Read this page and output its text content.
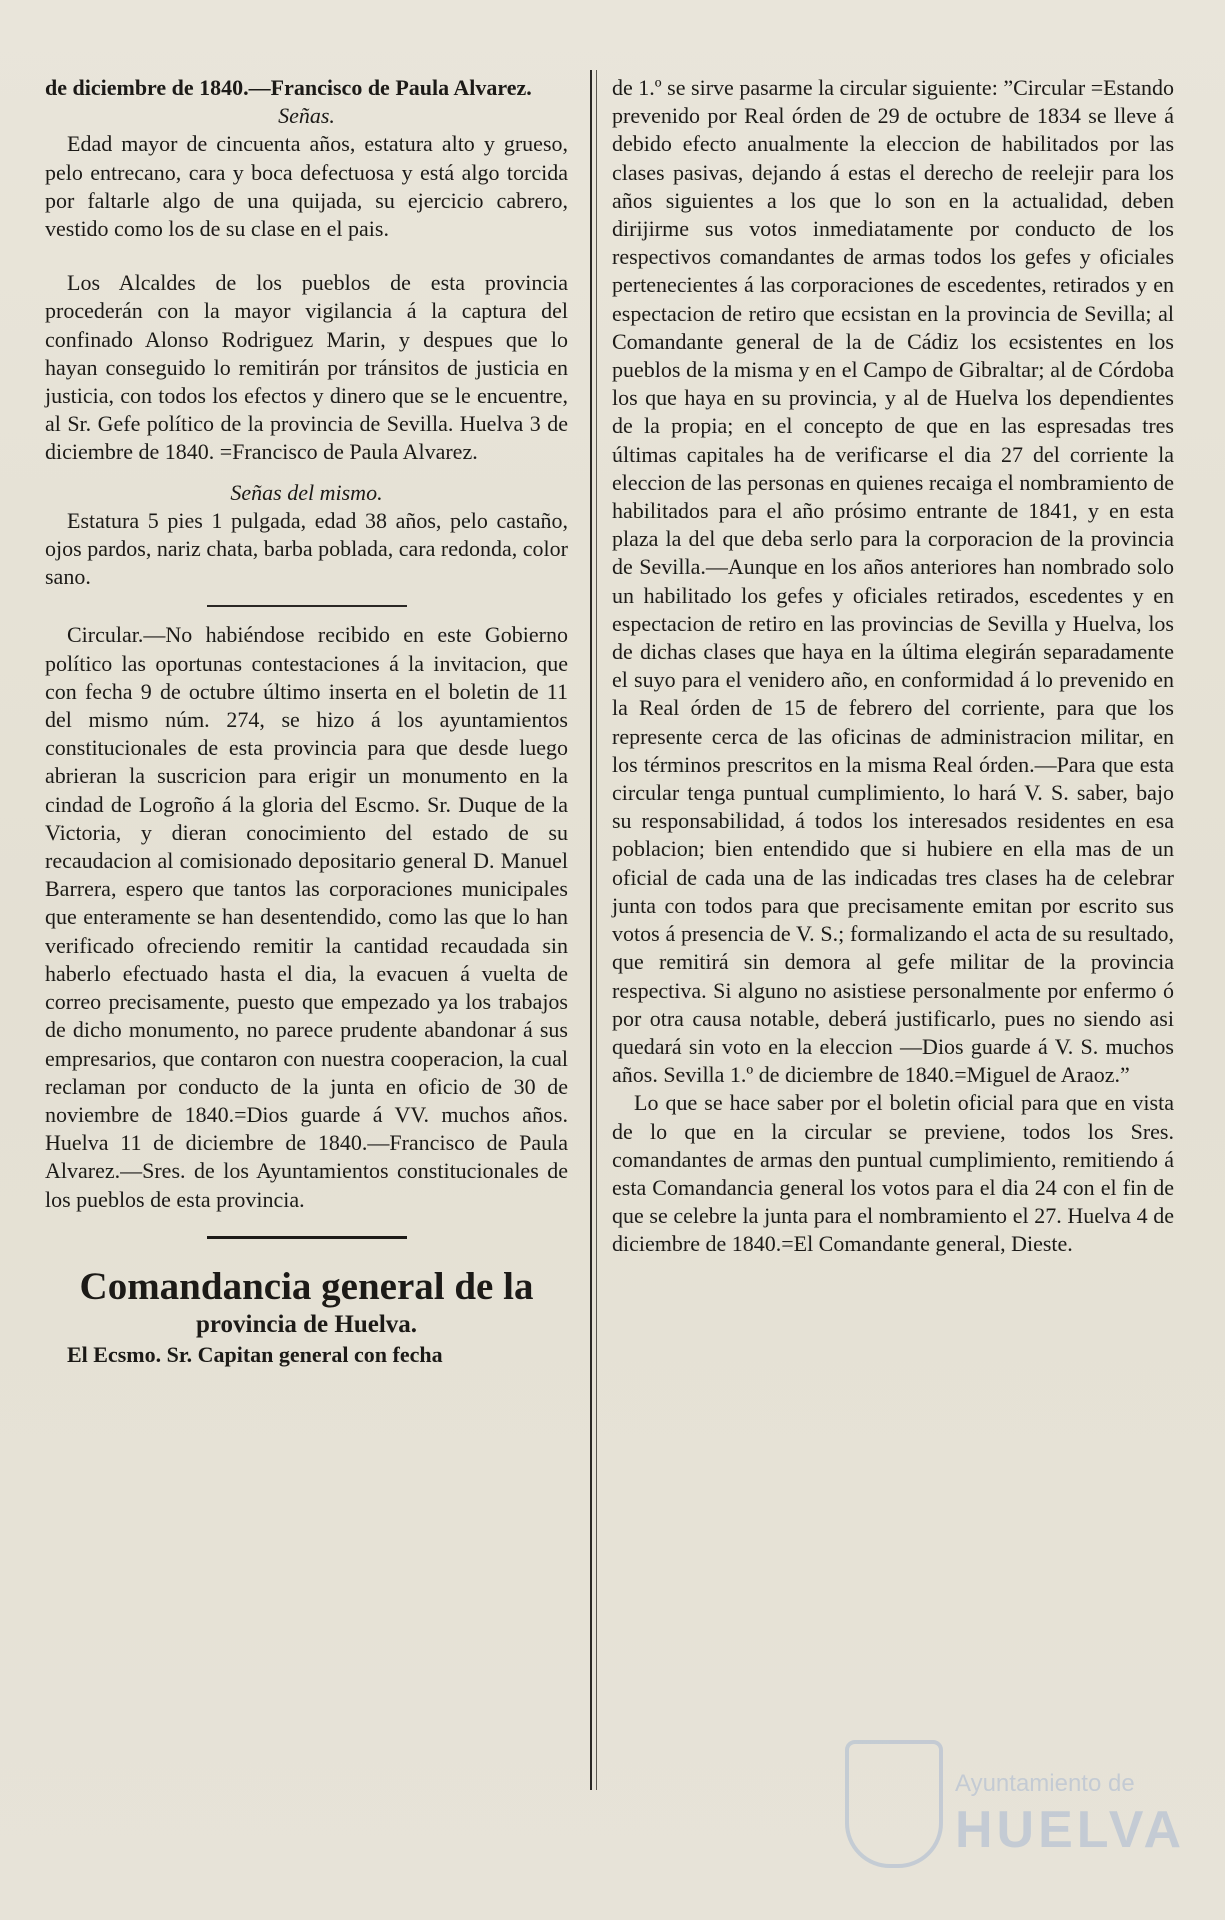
de diciembre de 1840.—Francisco de Paula Alvarez.

Señas.

Edad mayor de cincuenta años, estatura alto y grueso, pelo entrecano, cara y boca defectuosa y está algo torcida por faltarle algo de una quijada, su ejercicio cabrero, vestido como los de su clase en el pais.

Los Alcaldes de los pueblos de esta provincia procederán con la mayor vigilancia á la captura del confinado Alonso Rodriguez Marin, y despues que lo hayan conseguido lo remitirán por tránsitos de justicia en justicia, con todos los efectos y dinero que se le encuentre, al Sr. Gefe político de la provincia de Sevilla. Huelva 3 de diciembre de 1840. =Francisco de Paula Alvarez.

Señas del mismo.

Estatura 5 pies 1 pulgada, edad 38 años, pelo castaño, ojos pardos, nariz chata, barba poblada, cara redonda, color sano.

Circular.—No habiéndose recibido en este Gobierno político las oportunas contestaciones á la invitacion, que con fecha 9 de octubre último inserta en el boletin de 11 del mismo núm. 274, se hizo á los ayuntamientos constitucionales de esta provincia para que desde luego abrieran la suscricion para erigir un monumento en la cindad de Logroño á la gloria del Escmo. Sr. Duque de la Victoria, y dieran conocimiento del estado de su recaudacion al comisionado depositario general D. Manuel Barrera, espero que tantos las corporaciones municipales que enteramente se han desentendido, como las que lo han verificado ofreciendo remitir la cantidad recaudada sin haberlo efectuado hasta el dia, la evacuen á vuelta de correo precisamente, puesto que empezado ya los trabajos de dicho monumento, no parece prudente abandonar á sus empresarios, que contaron con nuestra cooperacion, la cual reclaman por conducto de la junta en oficio de 30 de noviembre de 1840.=Dios guarde á VV. muchos años. Huelva 11 de diciembre de 1840.—Francisco de Paula Alvarez.—Sres. de los Ayuntamientos constitucionales de los pueblos de esta provincia.

Comandancia general de la

provincia de Huelva.

El Ecsmo. Sr. Capitan general con fecha

de 1.º se sirve pasarme la circular siguiente: ”Circular =Estando prevenido por Real órden de 29 de octubre de 1834 se lleve á debido efecto anualmente la eleccion de habilitados por las clases pasivas, dejando á estas el derecho de reelejir para los años siguientes a los que lo son en la actualidad, deben dirijirme sus votos inmediatamente por conducto de los respectivos comandantes de armas todos los gefes y oficiales pertenecientes á las corporaciones de escedentes, retirados y en espectacion de retiro que ecsistan en la provincia de Sevilla; al Comandante general de la de Cádiz los ecsistentes en los pueblos de la misma y en el Campo de Gibraltar; al de Córdoba los que haya en su provincia, y al de Huelva los dependientes de la propia; en el concepto de que en las espresadas tres últimas capitales ha de verificarse el dia 27 del corriente la eleccion de las personas en quienes recaiga el nombramiento de habilitados para el año prósimo entrante de 1841, y en esta plaza la del que deba serlo para la corporacion de la provincia de Sevilla.—Aunque en los años anteriores han nombrado solo un habilitado los gefes y oficiales retirados, escedentes y en espectacion de retiro en las provincias de Sevilla y Huelva, los de dichas clases que haya en la última elegirán separadamente el suyo para el venidero año, en conformidad á lo prevenido en la Real órden de 15 de febrero del corriente, para que los represente cerca de las oficinas de administracion militar, en los términos prescritos en la misma Real órden.—Para que esta circular tenga puntual cumplimiento, lo hará V. S. saber, bajo su responsabilidad, á todos los interesados residentes en esa poblacion; bien entendido que si hubiere en ella mas de un oficial de cada una de las indicadas tres clases ha de celebrar junta con todos para que precisamente emitan por escrito sus votos á presencia de V. S.; formalizando el acta de su resultado, que remitirá sin demora al gefe militar de la provincia respectiva. Si alguno no asistiese personalmente por enfermo ó por otra causa notable, deberá justificarlo, pues no siendo asi quedará sin voto en la eleccion —Dios guarde á V. S. muchos años. Sevilla 1.º de diciembre de 1840.=Miguel de Araoz.”

Lo que se hace saber por el boletin oficial para que en vista de lo que en la circular se previene, todos los Sres. comandantes de armas den puntual cumplimiento, remitiendo á esta Comandancia general los votos para el dia 24 con el fin de que se celebre la junta para el nombramiento el 27. Huelva 4 de diciembre de 1840.=El Comandante general, Dieste.

Ayuntamiento de
HUELVA
